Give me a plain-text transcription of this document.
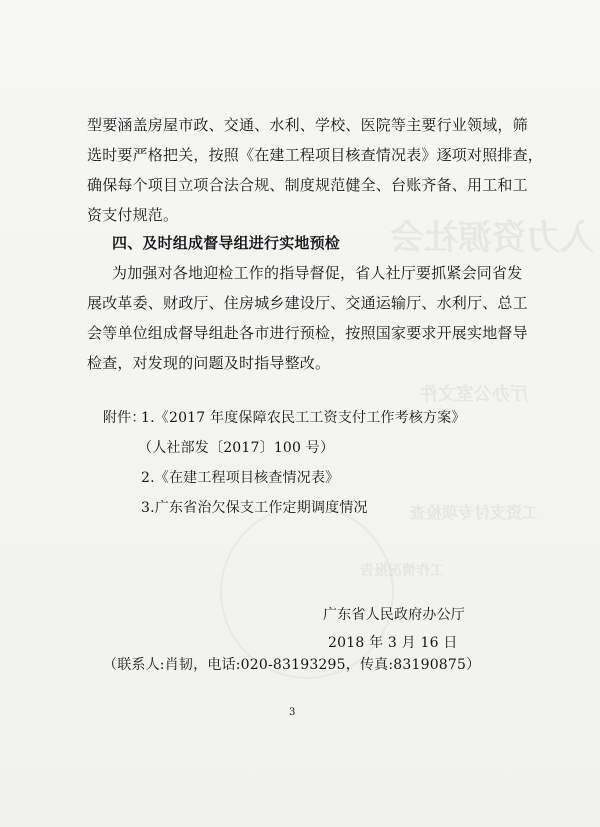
入力资源社会
厅办公室文件
工资支付专项检查
工作情况报告
型要涵盖房屋市政、交通、水利、学校、医院等主要行业领域，筛
选时要严格把关，按照《在建工程项目核查情况表》逐项对照排查，
确保每个项目立项合法合规、制度规范健全、台账齐备、用工和工
资支付规范。
四、及时组成督导组进行实地预检
为加强对各地迎检工作的指导督促，省人社厅要抓紧会同省发
展改革委、财政厅、住房城乡建设厅、交通运输厅、水利厅、总工
会等单位组成督导组赴各市进行预检，按照国家要求开展实地督导
检查，对发现的问题及时指导整改。
附件：
1.《2017 年度保障农民工工资支付工作考核方案》
（人社部发〔2017〕100 号）
2.《在建工程项目核查情况表》
3.广东省治欠保支工作定期调度情况
广东省人民政府办公厅
2018 年 3 月 16 日
（联系人:肖韧，电话:020-83193295，传真:83190875）
3
